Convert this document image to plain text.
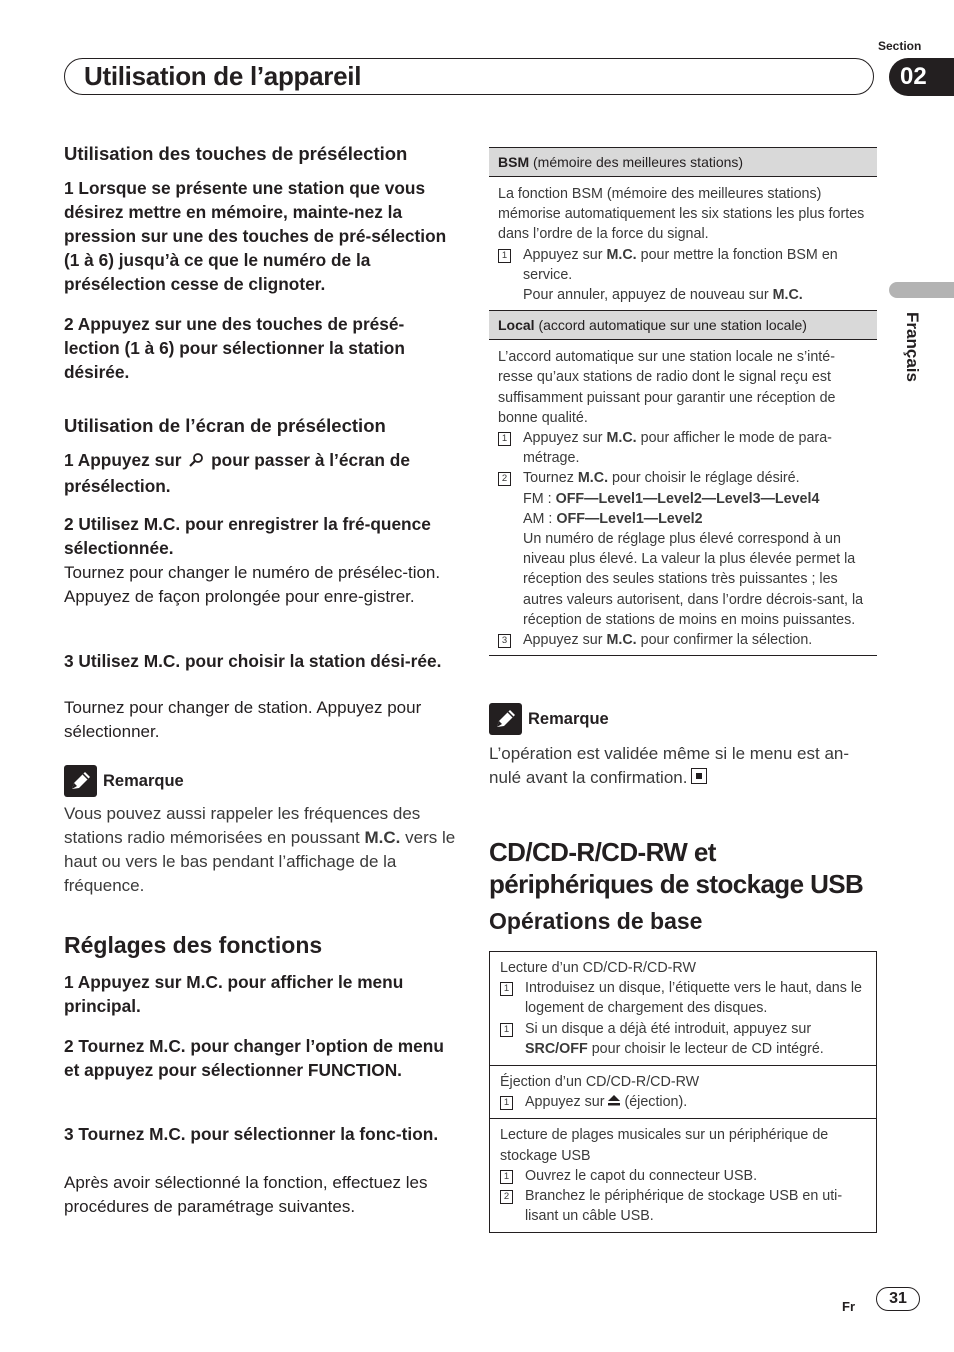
Section
Utilisation de l’appareil	02
Français
Utilisation des touches de présélection
1 Lorsque se présente une station que vous désirez mettre en mémoire, mainte-nez la pression sur une des touches de pré-sélection (1 à 6) jusqu’à ce que le numéro de la présélection cesse de clignoter.
2 Appuyez sur une des touches de présé-lection (1 à 6) pour sélectionner la station désirée.
Utilisation de l’écran de présélection
1 Appuyez sur pour passer à l’écran de présélection.
2 Utilisez M.C. pour enregistrer la fré-quence sélectionnée.
Tournez pour changer le numéro de présélec-tion. Appuyez de façon prolongée pour enre-gistrer.
3 Utilisez M.C. pour choisir la station dési-rée.
Tournez pour changer de station. Appuyez pour sélectionner.
Remarque
Vous pouvez aussi rappeler les fréquences des stations radio mémorisées en poussant M.C. vers le haut ou vers le bas pendant l’affichage de la fréquence.
Réglages des fonctions
1 Appuyez sur M.C. pour afficher le menu principal.
2 Tournez M.C. pour changer l’option de menu et appuyez pour sélectionner FUNCTION.
3 Tournez M.C. pour sélectionner la fonc-tion.
Après avoir sélectionné la fonction, effectuez les procédures de paramétrage suivantes.
BSM (mémoire des meilleures stations)
La fonction BSM (mémoire des meilleures stations) mémorise automatiquement les six stations les plus fortes dans l’ordre de la force du signal.
1 Appuyez sur M.C. pour mettre la fonction BSM en service.
Pour annuler, appuyez de nouveau sur M.C.
Local (accord automatique sur une station locale)
L’accord automatique sur une station locale ne s’inté-resse qu’aux stations de radio dont le signal reçu est suffisamment puissant pour garantir une réception de bonne qualité.
1 Appuyez sur M.C. pour afficher le mode de para-métrage.
2 Tournez M.C. pour choisir le réglage désiré.
FM : OFF—Level1—Level2—Level3—Level4
AM : OFF—Level1—Level2
Un numéro de réglage plus élevé correspond à un niveau plus élevé. La valeur la plus élevée permet la réception des seules stations très puissantes ; les autres valeurs autorisent, dans l’ordre décrois-sant, la réception de stations de moins en moins puissantes.
3 Appuyez sur M.C. pour confirmer la sélection.
Remarque
L’opération est validée même si le menu est an-nulé avant la confirmation.
CD/CD-R/CD-RW et périphériques de stockage USB
Opérations de base
Lecture d’un CD/CD-R/CD-RW
1 Introduisez un disque, l’étiquette vers le haut, dans le logement de chargement des disques.
1 Si un disque a déjà été introduit, appuyez sur SRC/OFF pour choisir le lecteur de CD intégré.
Éjection d’un CD/CD-R/CD-RW
1 Appuyez sur (éjection).
Lecture de plages musicales sur un périphérique de stockage USB
1 Ouvrez le capot du connecteur USB.
2 Branchez le périphérique de stockage USB en uti-lisant un câble USB.
Fr	31
